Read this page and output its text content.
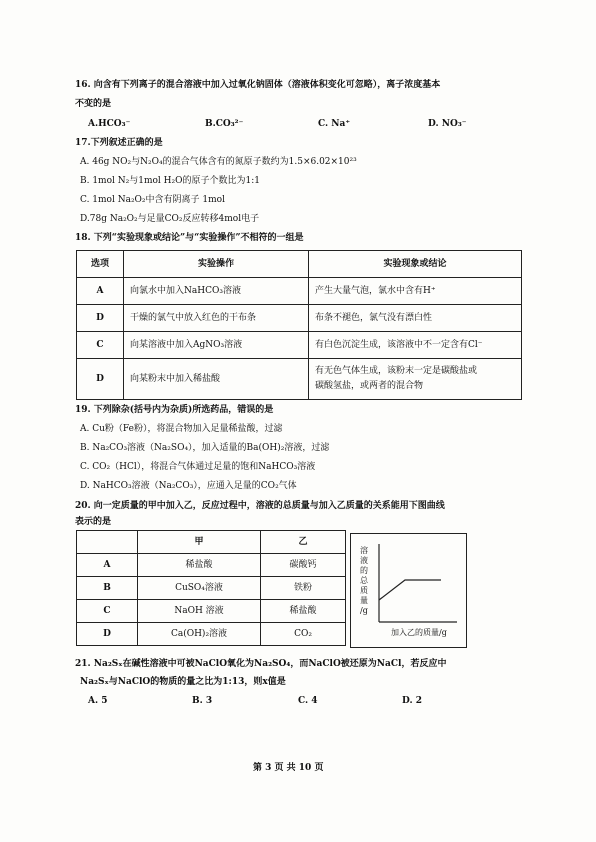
16. 向含有下列离子的混合溶液中加入过氧化钠固体（溶液体积变化可忽略），离子浓度基本
不变的是
A.HCO₃⁻	B.CO₃²⁻	C. Na⁺	D. NO₃⁻
17.下列叙述正确的是
A. 46g NO₂与N₂O₄的混合气体含有的氮原子数约为1.5×6.02×10²³
B. 1mol N₂与1mol H₂O的原子个数比为1:1
C. 1mol Na₂O₂中含有阴离子 1mol
D.78g Na₂O₂与足量CO₂反应转移4mol电子
18. 下列“实验现象或结论”与“实验操作”不相符的一组是
选项	实验操作	实验现象或结论
A	向氯水中加入NaHCO₃溶液	产生大量气泡，氯水中含有H⁺
D	干燥的氯气中放入红色的干布条	布条不褪色，氯气没有漂白性
C	向某溶液中加入AgNO₃溶液	有白色沉淀生成，该溶液中不一定含有Cl⁻
D	向某粉末中加入稀盐酸	有无色气体生成，该粉末一定是碳酸盐或
碳酸氢盐，或两者的混合物
19. 下列除杂(括号内为杂质)所选药品，错误的是
A. Cu粉（Fe粉），将混合物加入足量稀盐酸，过滤
B. Na₂CO₃溶液（Na₂SO₄），加入适量的Ba(OH)₂溶液，过滤
C. CO₂（HCl），将混合气体通过足量的饱和NaHCO₃溶液
D. NaHCO₃溶液（Na₂CO₃），应通入足量的CO₂气体
20. 向一定质量的甲中加入乙，反应过程中，溶液的总质量与加入乙质量的关系能用下图曲线
表示的是
	甲	乙
A	稀盐酸	碳酸钙
B	CuSO₄溶液	铁粉
C	NaOH 溶液	稀盐酸
D	Ca(OH)₂溶液	CO₂
溶
液
的
总
质
量
/g
加入乙的质量/g
21. Na₂Sₓ在碱性溶液中可被NaClO氧化为Na₂SO₄，而NaClO被还原为NaCl，若反应中
Na₂Sₓ与NaClO的物质的量之比为1:13，则x值是
A. 5	B. 3	C. 4	D. 2
第 3 页 共 10 页
